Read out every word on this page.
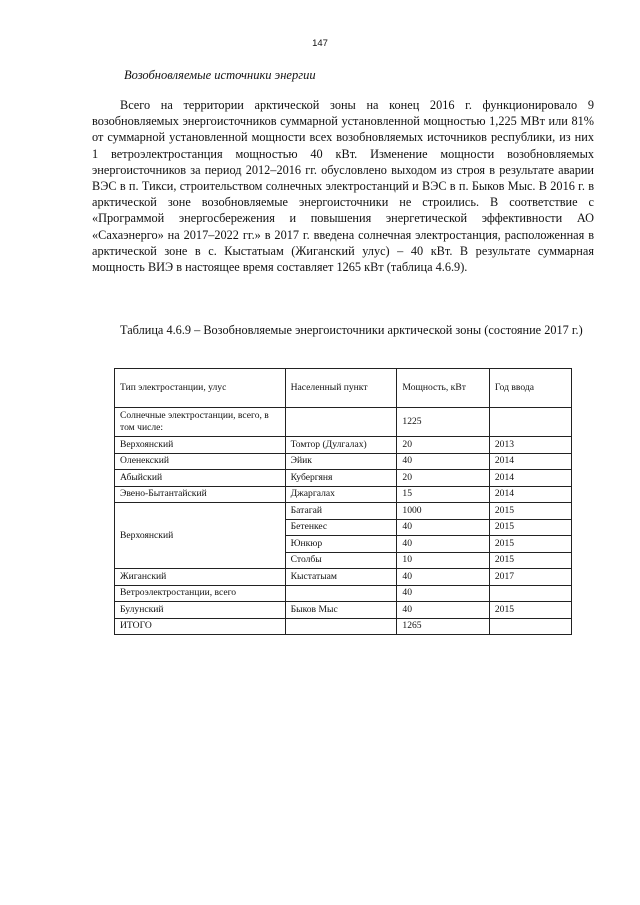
147
Возобновляемые источники энергии

Всего на территории арктической зоны на конец 2016 г. функционировало 9 возобновляемых энергоисточников суммарной установленной мощностью 1,225 МВт или 81% от суммарной установленной мощности всех возобновляемых источников республики, из них 1 ветроэлектростанция мощностью 40 кВт. Изменение мощности возобновляемых энергоисточников за период 2012–2016 гг. обусловлено выходом из строя в результате аварии ВЭС в п. Тикси, строительством солнечных электростанций и ВЭС в п. Быков Мыс. В 2016 г. в арктической зоне возобновляемые энергоисточники не строились. В соответствие с «Программой энергосбережения и повышения энергетической эффективности АО «Сахаэнерго» на 2017–2022 гг.» в 2017 г. введена солнечная электростанция, расположенная в арктической зоне в с. Кыстатыам (Жиганский улус) – 40 кВт. В результате суммарная мощность ВИЭ в настоящее время составляет 1265 кВт (таблица 4.6.9).

Таблица 4.6.9 – Возобновляемые энергоисточники арктической зоны (состояние 2017 г.)

Тип электростанции, улус	Населенный пункт	Мощность, кВт	Год ввода
Солнечные электростанции, всего, в том числе:		1225	
Верхоянский	Томтор (Дулгалах)	20	2013
Оленекский	Эйик	40	2014
Абыйский	Кубергяня	20	2014
Эвено-Бытантайский	Джаргалах	15	2014
Верхоянский	Батагай	1000	2015
	Бетенкес	40	2015
	Юнкюр	40	2015
	Столбы	10	2015
Жиганский	Кыстатыам	40	2017
Ветроэлектростанции, всего		40	
Булунский	Быков Мыс	40	2015
ИТОГО		1265	
